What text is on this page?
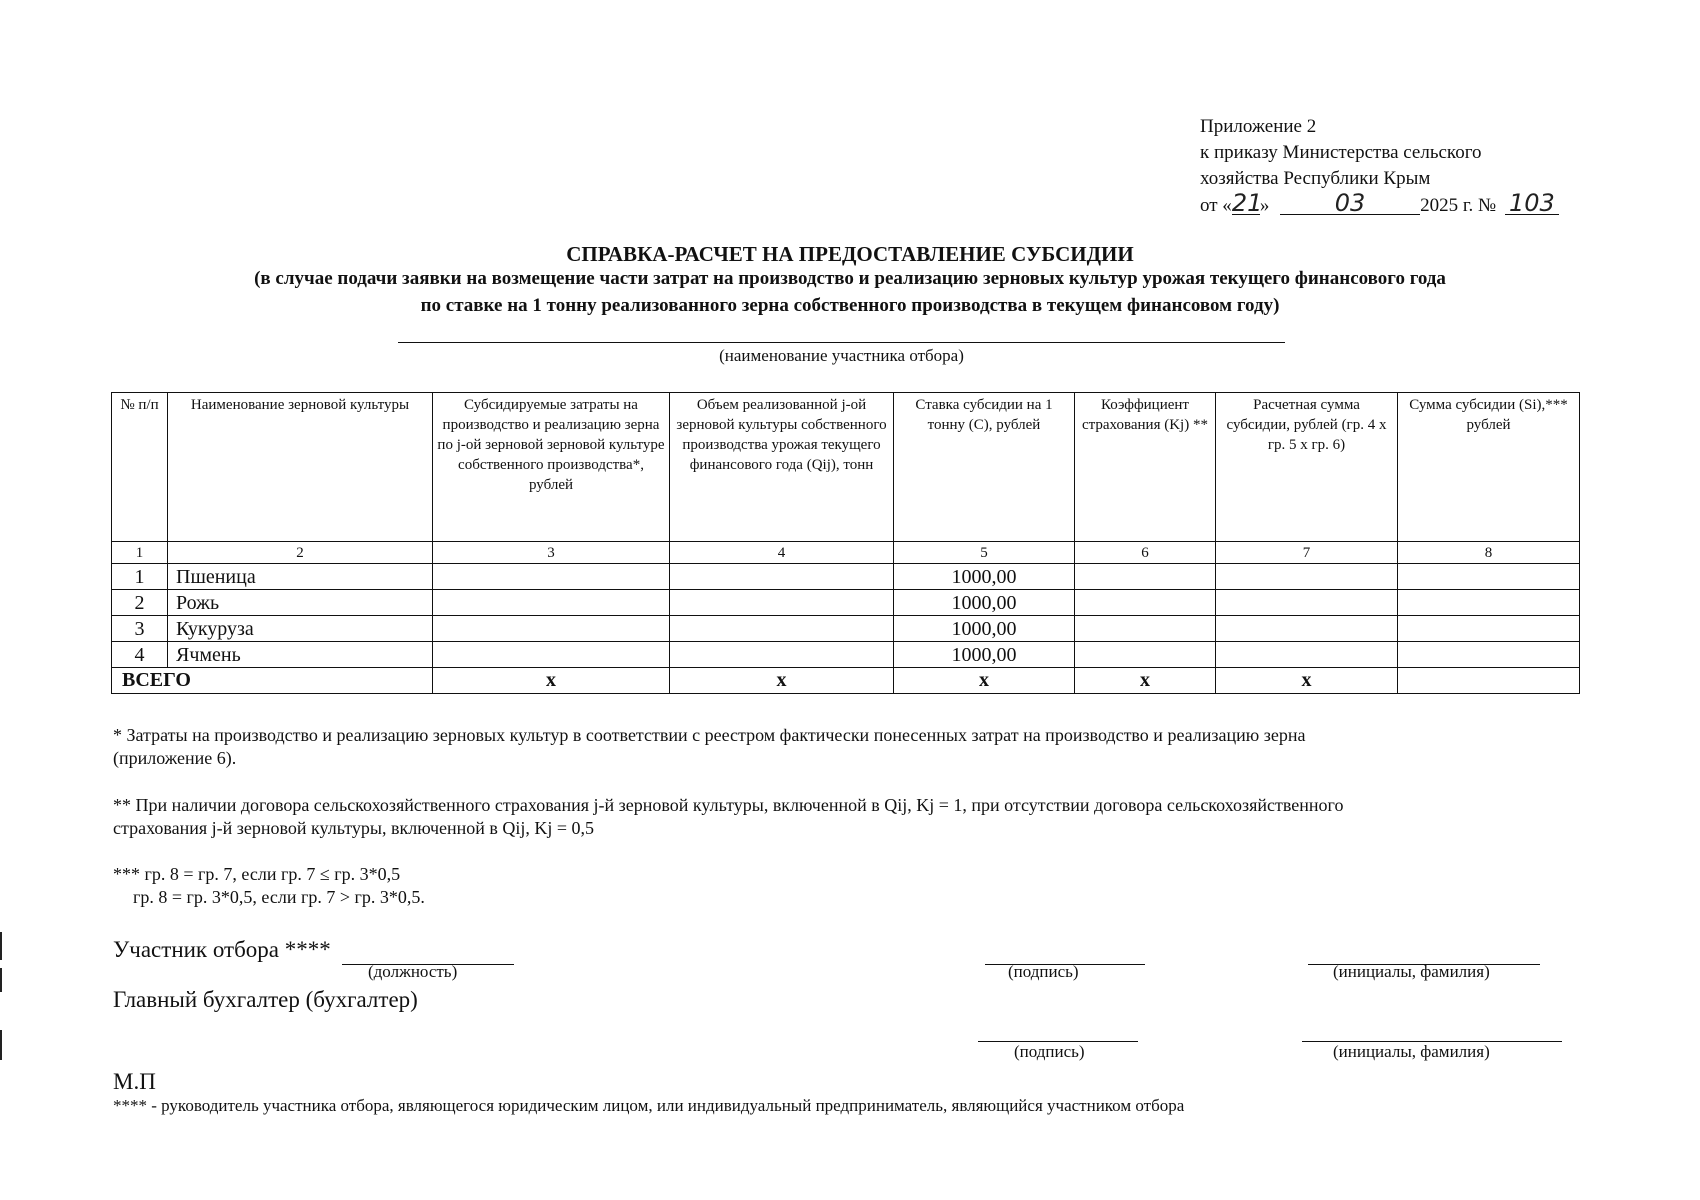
Приложение 2
к приказу Министерства сельского
хозяйства Республики Крым
от «21»	03	2025 г. № 103
СПРАВКА-РАСЧЕТ НА ПРЕДОСТАВЛЕНИЕ СУБСИДИИ
(в случае подачи заявки на возмещение части затрат на производство и реализацию зерновых культур урожая текущего финансового года
по ставке на 1 тонну реализованного зерна собственного производства в текущем финансовом году)
(наименование участника отбора)
№ п/п	Наименование зерновой культуры	Субсидируемые затраты на производство и реализацию зерна по j-ой зерновой зерновой культуре собственного производства*, рублей	Объем реализованной j-ой зерновой культуры собственного производства урожая текущего финансового года (Qij), тонн	Ставка субсидии на 1 тонну (C), рублей	Коэффициент страхования (Kj) **	Расчетная сумма субсидии, рублей (гр. 4 х гр. 5 х гр. 6)	Сумма субсидии (Si),*** рублей
1	2	3	4	5	6	7	8
1	Пшеница			1000,00			
2	Рожь			1000,00			
3	Кукуруза			1000,00			
4	Ячмень			1000,00			
ВСЕГО		x	x	x	x	x	
* Затраты на производство и реализацию зерновых культур в соответствии с реестром фактически понесенных затрат на производство и реализацию зерна
(приложение 6).
** При наличии договора сельскохозяйственного страхования j-й зерновой культуры, включенной в Qij, Kj = 1, при отсутствии договора сельскохозяйственного
страхования j-й зерновой культуры, включенной в Qij, Kj = 0,5
*** гр. 8 = гр. 7, если гр. 7 ≤ гр. 3*0,5
гр. 8 = гр. 3*0,5, если гр. 7 > гр. 3*0,5.
Участник отбора ****
(должность)	(подпись)	(инициалы, фамилия)
Главный бухгалтер (бухгалтер)
(подпись)	(инициалы, фамилия)
М.П
**** - руководитель участника отбора, являющегося юридическим лицом, или индивидуальный предприниматель, являющийся участником отбора
